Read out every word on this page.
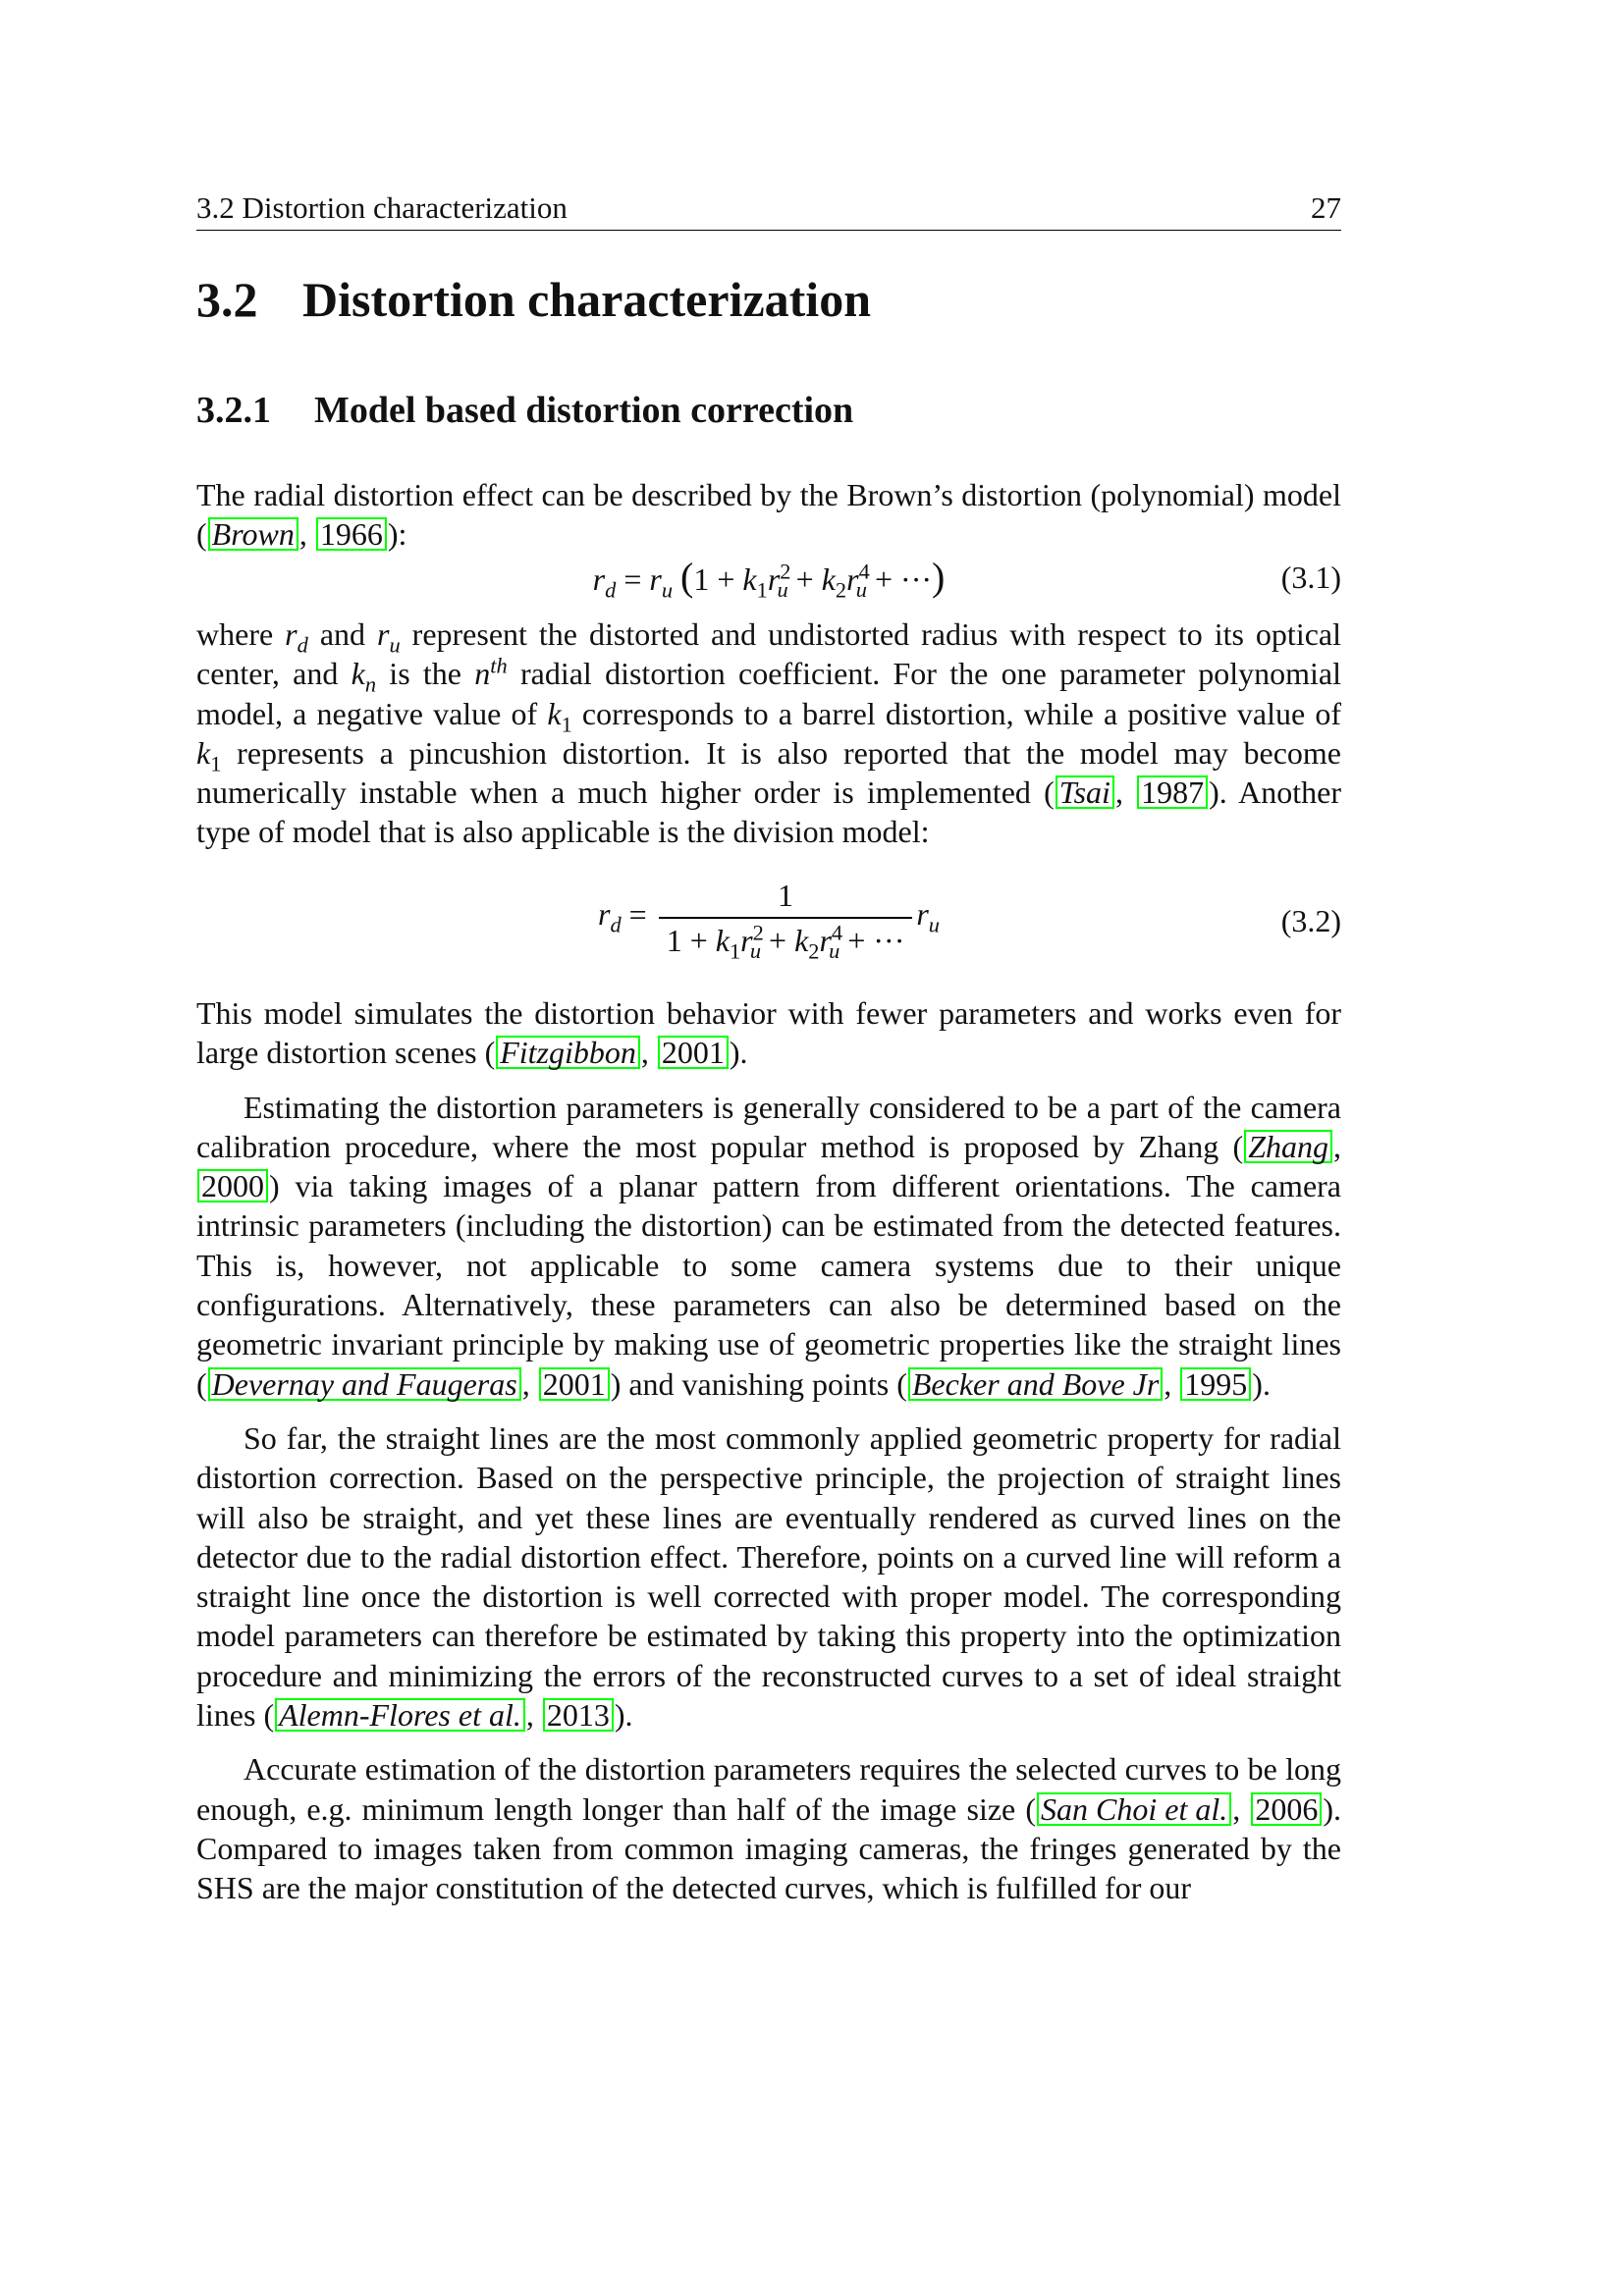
3.2 Distortion characterization	27
3.2 Distortion characterization
3.2.1 Model based distortion correction

The radial distortion effect can be described by the Brown’s distortion (polynomial) model ( Brown , 1966 ):

$r_d = r_u$ ($1 + k_1r^2_u + k_2r^4_u$ + ···)	(3.1)

where $r_d$ and $r_u$ represent the distorted and undistorted radius with respect to its optical center, and $k_n$ is the $n^{th}$ radial distortion coefficient. For the one parameter polynomial model, a negative value of $k_1$ corresponds to a barrel distortion, while a positive value of $k_1$ represents a pincushion distortion. It is also reported that the model may become numerically instable when a much higher order is implemented ( Tsai , 1987 ). Another type of model that is also applicable is the division model:

$r_d = \frac{1}{1 + k_1r^2_u + k_2r^4_u + \cdot\cdot\cdot} r_u$	(3.2)

This model simulates the distortion behavior with fewer parameters and works even for large distortion scenes ( Fitzgibbon , 2001 ).

Estimating the distortion parameters is generally considered to be a part of the camera calibration procedure, where the most popular method is proposed by Zhang ( Zhang , 2000 ) via taking images of a planar pattern from different orientations. The camera intrinsic parameters (including the distortion) can be estimated from the detected features. This is, however, not applicable to some camera systems due to their unique configurations. Alternatively, these parameters can also be determined based on the geometric invariant principle by making use of geometric properties like the straight lines ( Devernay and Faugeras , 2001 ) and vanishing points ( Becker and Bove Jr , 1995 ).

So far, the straight lines are the most commonly applied geometric property for radial distortion correction. Based on the perspective principle, the projection of straight lines will also be straight, and yet these lines are eventually rendered as curved lines on the detector due to the radial distortion effect. Therefore, points on a curved line will reform a straight line once the distortion is well corrected with proper model. The corresponding model parameters can therefore be estimated by taking this property into the optimization procedure and minimizing the errors of the reconstructed curves to a set of ideal straight lines ( Alemn-Flores et al. , 2013 ).

Accurate estimation of the distortion parameters requires the selected curves to be long enough, e.g. minimum length longer than half of the image size ( San Choi et al. , 2006 ). Compared to images taken from common imaging cameras, the fringes generated by the SHS are the major constitution of the detected curves, which is fulfilled for our
